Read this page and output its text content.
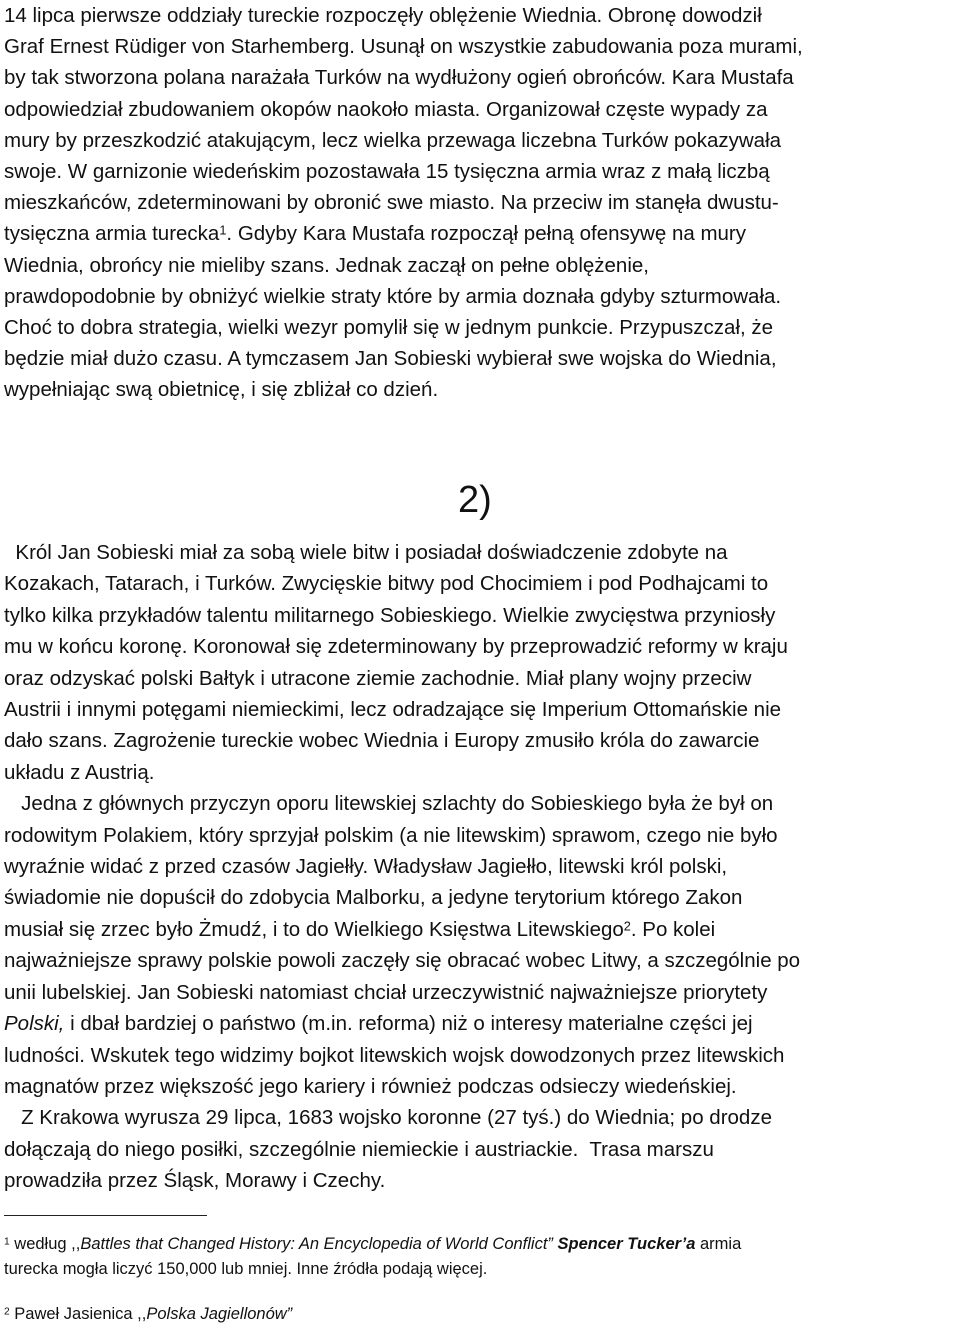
14 lipca pierwsze oddziały tureckie rozpoczęły oblężenie Wiednia. Obronę dowodził
Graf Ernest Rüdiger von Starhemberg. Usunął on wszystkie zabudowania poza murami,
by tak stworzona polana narażała Turków na wydłużony ogień obrońców. Kara Mustafa
odpowiedział zbudowaniem okopów naokoło miasta. Organizował częste wypady za
mury by przeszkodzić atakującym, lecz wielka przewaga liczebna Turków pokazywała
swoje. W garnizonie wiedeńskim pozostawała 15 tysięczna armia wraz z małą liczbą
mieszkańców, zdeterminowani by obronić swe miasto. Na przeciw im stanęła dwustu-
tysięczna armia turecka$^1$. Gdyby Kara Mustafa rozpoczął pełną ofensywę na mury
Wiednia, obrońcy nie mieliby szans. Jednak zaczął on pełne oblężenie,
prawdopodobnie by obniżyć wielkie straty które by armia doznała gdyby szturmowała.
Choć to dobra strategia, wielki wezyr pomylił się w jednym punkcie. Przypuszczał, że
będzie miał dużo czasu. A tymczasem Jan Sobieski wybierał swe wojska do Wiednia,
wypełniając swą obietnicę, i się zbliżał co dzień.
2)
Król Jan Sobieski miał za sobą wiele bitw i posiadał doświadczenie zdobyte na
Kozakach, Tatarach, i Turków. Zwycięskie bitwy pod Chocimiem i pod Podhajcami to
tylko kilka przykładów talentu militarnego Sobieskiego. Wielkie zwycięstwa przyniosły
mu w końcu koronę. Koronował się zdeterminowany by przeprowadzić reformy w kraju
oraz odzyskać polski Bałtyk i utracone ziemie zachodnie. Miał plany wojny przeciw
Austrii i innymi potęgami niemieckimi, lecz odradzające się Imperium Ottomańskie nie
dało szans. Zagrożenie tureckie wobec Wiednia i Europy zmusiło króla do zawarcie
układu z Austrią.
Jedna z głównych przyczyn oporu litewskiej szlachty do Sobieskiego była że był on
rodowitym Polakiem, który sprzyjał polskim (a nie litewskim) sprawom, czego nie było
wyraźnie widać z przed czasów Jagiełły. Władysław Jagiełło, litewski król polski,
świadomie nie dopuścił do zdobycia Malborku, a jedyne terytorium którego Zakon
musiał się zrzec było Żmudź, i to do Wielkiego Księstwa Litewskiego$^2$. Po kolei
najważniejsze sprawy polskie powoli zaczęły się obracać wobec Litwy, a szczególnie po
unii lubelskiej. Jan Sobieski natomiast chciał urzeczywistnić najważniejsze priorytety
Polski, i dbał bardziej o państwo (m.in. reforma) niż o interesy materialne części jej
ludności. Wskutek tego widzimy bojkot litewskich wojsk dowodzonych przez litewskich
magnatów przez większość jego kariery i również podczas odsieczy wiedeńskiej.
Z Krakowa wyrusza 29 lipca, 1683 wojsko koronne (27 tyś.) do Wiednia; po drodze
dołączają do niego posiłki, szczególnie niemieckie i austriackie.  Trasa marszu
prowadziła przez Śląsk, Morawy i Czechy.
$^1$ według ,,Battles that Changed History: An Encyclopedia of World Conflict” Spencer Tucker’a armia
turecka mogła liczyć 150,000 lub mniej. Inne źródła podają więcej.
$^2$ Paweł Jasienica ,,Polska Jagiellonów”
